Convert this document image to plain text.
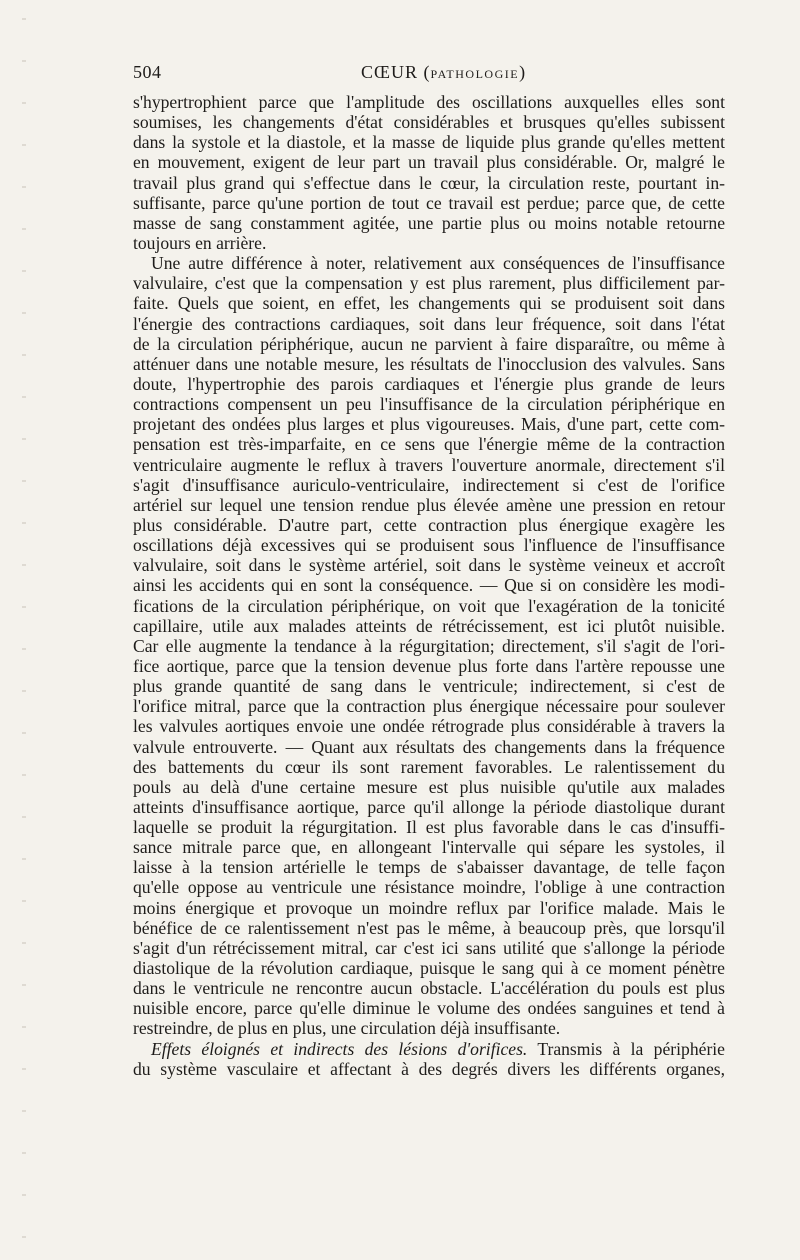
504	CŒUR (PATHOLOGIE)
s'hypertrophient parce que l'amplitude des oscillations auxquelles elles sont
soumises, les changements d'état considérables et brusques qu'elles subissent
dans la systole et la diastole, et la masse de liquide plus grande qu'elles mettent
en mouvement, exigent de leur part un travail plus considérable. Or, malgré le
travail plus grand qui s'effectue dans le cœur, la circulation reste, pourtant in-
suffisante, parce qu'une portion de tout ce travail est perdue; parce que, de cette
masse de sang constamment agitée, une partie plus ou moins notable retourne
toujours en arrière.
Une autre différence à noter, relativement aux conséquences de l'insuffisance
valvulaire, c'est que la compensation y est plus rarement, plus difficilement par-
faite. Quels que soient, en effet, les changements qui se produisent soit dans
l'énergie des contractions cardiaques, soit dans leur fréquence, soit dans l'état
de la circulation périphérique, aucun ne parvient à faire disparaître, ou même à
atténuer dans une notable mesure, les résultats de l'inocclusion des valvules. Sans
doute, l'hypertrophie des parois cardiaques et l'énergie plus grande de leurs
contractions compensent un peu l'insuffisance de la circulation périphérique en
projetant des ondées plus larges et plus vigoureuses. Mais, d'une part, cette com-
pensation est très-imparfaite, en ce sens que l'énergie même de la contraction
ventriculaire augmente le reflux à travers l'ouverture anormale, directement s'il
s'agit d'insuffisance auriculo-ventriculaire, indirectement si c'est de l'orifice
artériel sur lequel une tension rendue plus élevée amène une pression en retour
plus considérable. D'autre part, cette contraction plus énergique exagère les
oscillations déjà excessives qui se produisent sous l'influence de l'insuffisance
valvulaire, soit dans le système artériel, soit dans le système veineux et accroît
ainsi les accidents qui en sont la conséquence. — Que si on considère les modi-
fications de la circulation périphérique, on voit que l'exagération de la tonicité
capillaire, utile aux malades atteints de rétrécissement, est ici plutôt nuisible.
Car elle augmente la tendance à la régurgitation; directement, s'il s'agit de l'ori-
fice aortique, parce que la tension devenue plus forte dans l'artère repousse une
plus grande quantité de sang dans le ventricule; indirectement, si c'est de
l'orifice mitral, parce que la contraction plus énergique nécessaire pour soulever
les valvules aortiques envoie une ondée rétrograde plus considérable à travers la
valvule entrouverte. — Quant aux résultats des changements dans la fréquence
des battements du cœur ils sont rarement favorables. Le ralentissement du
pouls au delà d'une certaine mesure est plus nuisible qu'utile aux malades
atteints d'insuffisance aortique, parce qu'il allonge la période diastolique durant
laquelle se produit la régurgitation. Il est plus favorable dans le cas d'insuffi-
sance mitrale parce que, en allongeant l'intervalle qui sépare les systoles, il
laisse à la tension artérielle le temps de s'abaisser davantage, de telle façon
qu'elle oppose au ventricule une résistance moindre, l'oblige à une contraction
moins énergique et provoque un moindre reflux par l'orifice malade. Mais le
bénéfice de ce ralentissement n'est pas le même, à beaucoup près, que lorsqu'il
s'agit d'un rétrécissement mitral, car c'est ici sans utilité que s'allonge la période
diastolique de la révolution cardiaque, puisque le sang qui à ce moment pénètre
dans le ventricule ne rencontre aucun obstacle. L'accélération du pouls est plus
nuisible encore, parce qu'elle diminue le volume des ondées sanguines et tend à
restreindre, de plus en plus, une circulation déjà insuffisante.
Effets éloignés et indirects des lésions d'orifices. Transmis à la périphérie
du système vasculaire et affectant à des degrés divers les différents organes,
